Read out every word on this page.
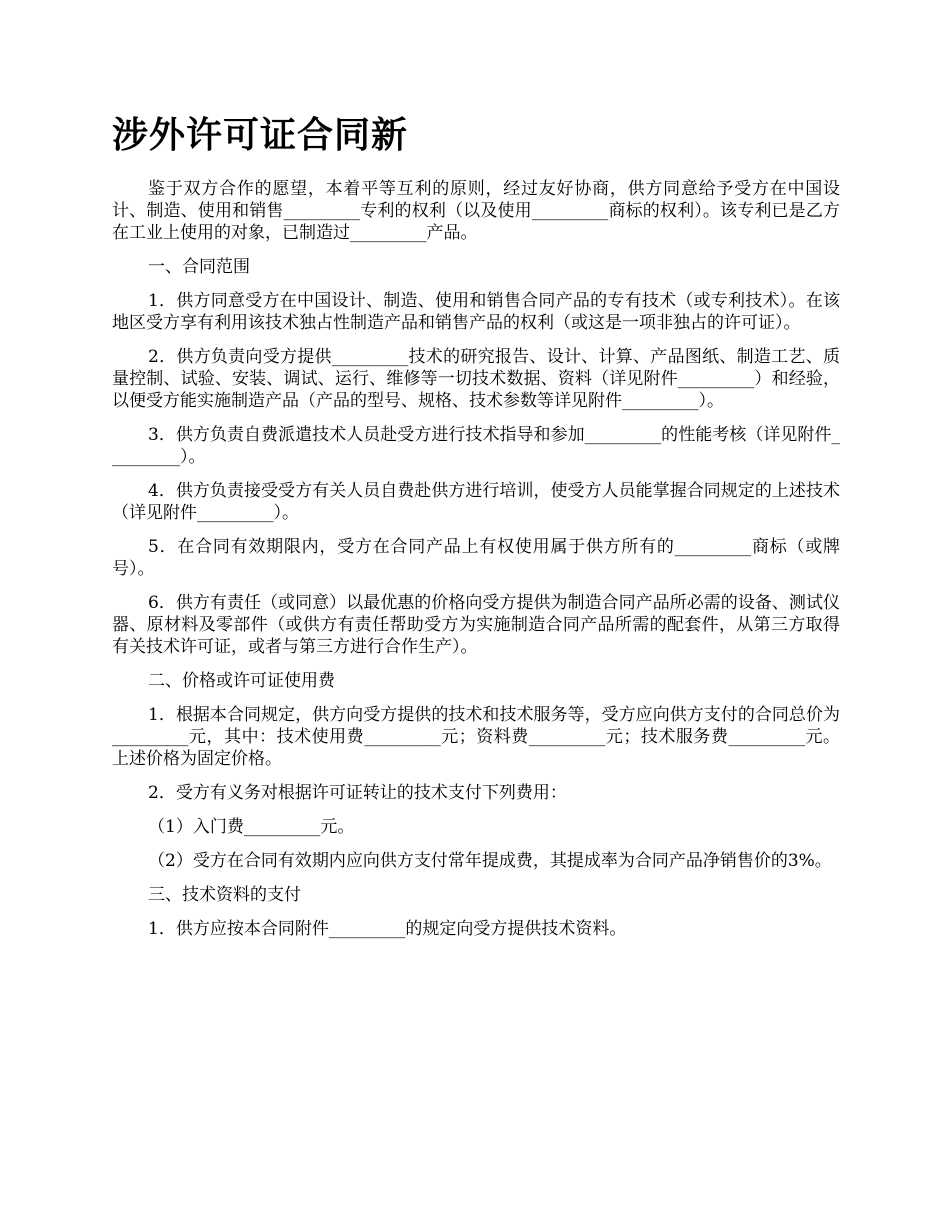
涉外许可证合同新

鉴于双方合作的愿望，本着平等互利的原则，经过友好协商，供方同意给予受方在中国设计、制造、使用和销售_________专利的权利（以及使用_________商标的权利）。该专利已是乙方在工业上使用的对象，已制造过_________产品。

一、合同范围

1．供方同意受方在中国设计、制造、使用和销售合同产品的专有技术（或专利技术）。在该地区受方享有利用该技术独占性制造产品和销售产品的权利（或这是一项非独占的许可证）。

2．供方负责向受方提供_________技术的研究报告、设计、计算、产品图纸、制造工艺、质量控制、试验、安装、调试、运行、维修等一切技术数据、资料（详见附件_________）和经验，以便受方能实施制造产品（产品的型号、规格、技术参数等详见附件_________）。

3．供方负责自费派遣技术人员赴受方进行技术指导和参加_________的性能考核（详见附件_________）。

4．供方负责接受受方有关人员自费赴供方进行培训，使受方人员能掌握合同规定的上述技术（详见附件_________）。

5．在合同有效期限内，受方在合同产品上有权使用属于供方所有的_________商标（或牌号）。

6．供方有责任（或同意）以最优惠的价格向受方提供为制造合同产品所必需的设备、测试仪器、原材料及零部件（或供方有责任帮助受方为实施制造合同产品所需的配套件，从第三方取得有关技术许可证，或者与第三方进行合作生产）。

二、价格或许可证使用费

1．根据本合同规定，供方向受方提供的技术和技术服务等，受方应向供方支付的合同总价为_________元，其中：技术使用费_________元；资料费_________元；技术服务费_________元。上述价格为固定价格。

2．受方有义务对根据许可证转让的技术支付下列费用：

（1）入门费_________元。

（2）受方在合同有效期内应向供方支付常年提成费，其提成率为合同产品净销售价的3%。

三、技术资料的支付

1．供方应按本合同附件_________的规定向受方提供技术资料。
